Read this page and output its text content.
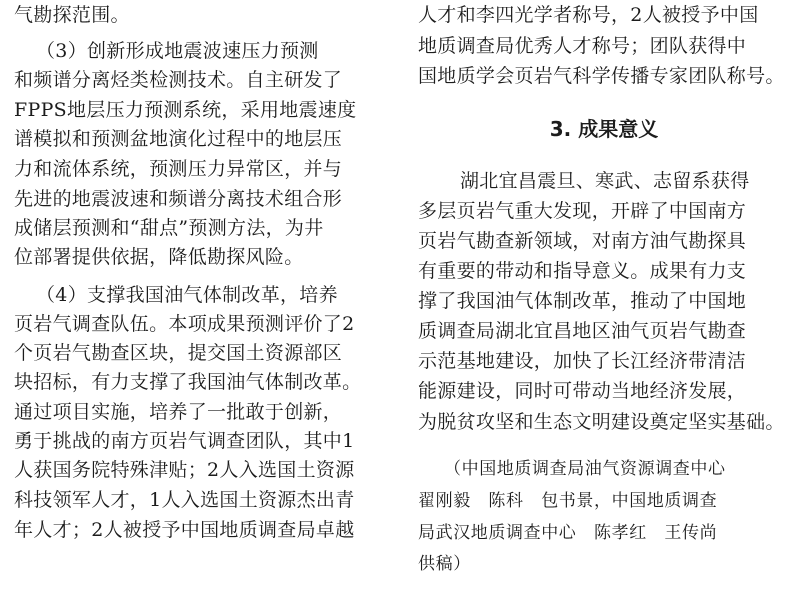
气勘探范围。
（3）创新形成地震波速压力预测
和频谱分离烃类检测技术。自主研发了
FPPS地层压力预测系统，采用地震速度
谱模拟和预测盆地演化过程中的地层压
力和流体系统，预测压力异常区，并与
先进的地震波速和频谱分离技术组合形
成储层预测和“甜点”预测方法，为井
位部署提供依据，降低勘探风险。
（4）支撑我国油气体制改革，培养
页岩气调查队伍。本项成果预测评价了2
个页岩气勘查区块，提交国土资源部区
块招标，有力支撑了我国油气体制改革。
通过项目实施，培养了一批敢于创新，
勇于挑战的南方页岩气调查团队，其中1
人获国务院特殊津贴；2人入选国土资源
科技领军人才，1人入选国土资源杰出青
年人才；2人被授予中国地质调查局卓越
人才和李四光学者称号，2人被授予中国
地质调查局优秀人才称号；团队获得中
国地质学会页岩气科学传播专家团队称号。
3. 成果意义
湖北宜昌震旦、寒武、志留系获得
多层页岩气重大发现，开辟了中国南方
页岩气勘查新领域，对南方油气勘探具
有重要的带动和指导意义。成果有力支
撑了我国油气体制改革，推动了中国地
质调查局湖北宜昌地区油气页岩气勘查
示范基地建设，加快了长江经济带清洁
能源建设，同时可带动当地经济发展，
为脱贫攻坚和生态文明建设奠定坚实基础。
（中国地质调查局油气资源调查中心
翟刚毅　陈科　包书景，中国地质调查
局武汉地质调查中心　陈孝红　王传尚
供稿）
